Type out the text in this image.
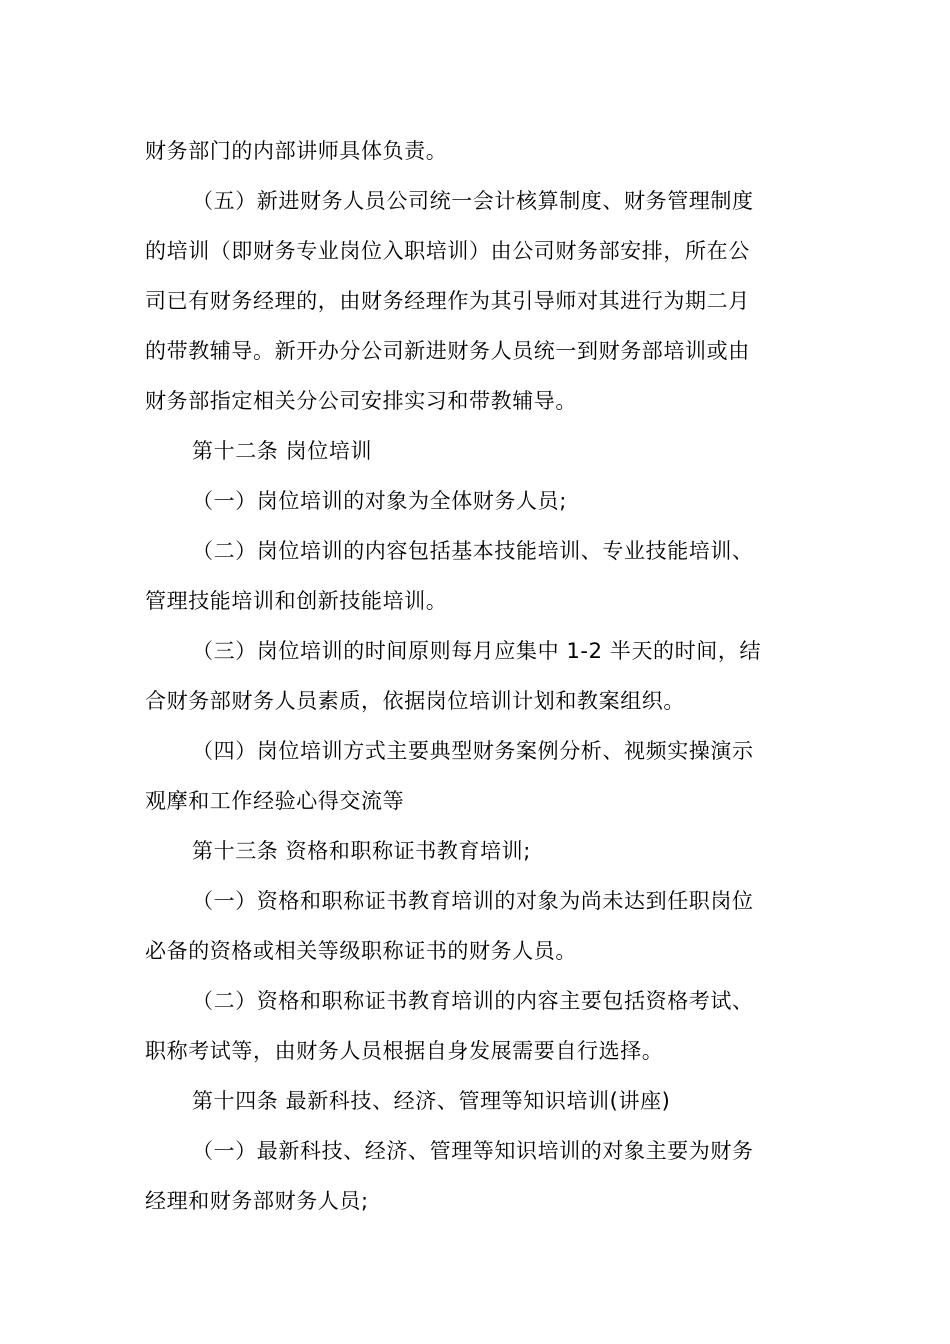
财务部门的内部讲师具体负责。
（五）新进财务人员公司统一会计核算制度、财务管理制度
的培训（即财务专业岗位入职培训）由公司财务部安排，所在公
司已有财务经理的，由财务经理作为其引导师对其进行为期二月
的带教辅导。新开办分公司新进财务人员统一到财务部培训或由
财务部指定相关分公司安排实习和带教辅导。
第十二条 岗位培训
（一）岗位培训的对象为全体财务人员;
（二）岗位培训的内容包括基本技能培训、专业技能培训、
管理技能培训和创新技能培训。
（三）岗位培训的时间原则每月应集中 1-2 半天的时间，结
合财务部财务人员素质，依据岗位培训计划和教案组织。
（四）岗位培训方式主要典型财务案例分析、视频实操演示
观摩和工作经验心得交流等
第十三条 资格和职称证书教育培训;
（一）资格和职称证书教育培训的对象为尚未达到任职岗位
必备的资格或相关等级职称证书的财务人员。
（二）资格和职称证书教育培训的内容主要包括资格考试、
职称考试等，由财务人员根据自身发展需要自行选择。
第十四条 最新科技、经济、管理等知识培训(讲座)
（一）最新科技、经济、管理等知识培训的对象主要为财务
经理和财务部财务人员;
